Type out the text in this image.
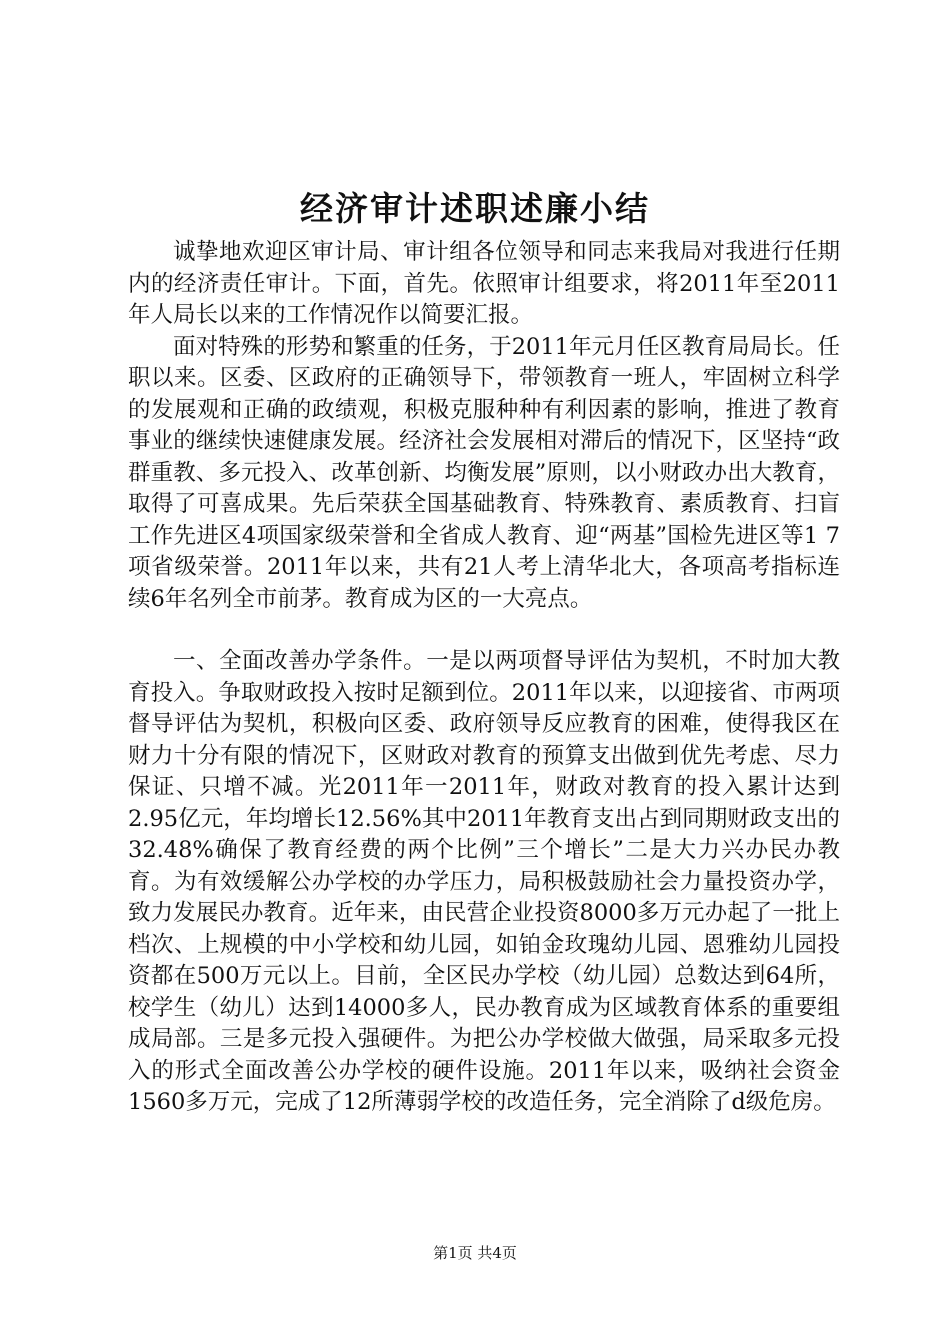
经济审计述职述廉小结

诚挚地欢迎区审计局、审计组各位领导和同志来我局对我进行任期内的经济责任审计。下面，首先。依照审计组要求，将2011年至2011年人局长以来的工作情况作以简要汇报。

面对特殊的形势和繁重的任务，于2011年元月任区教育局局长。任职以来。区委、区政府的正确领导下，带领教育一班人，牢固树立科学的发展观和正确的政绩观，积极克服种种有利因素的影响，推进了教育事业的继续快速健康发展。经济社会发展相对滞后的情况下，区坚持“政群重教、多元投入、改革创新、均衡发展”原则，以小财政办出大教育，取得了可喜成果。先后荣获全国基础教育、特殊教育、素质教育、扫盲工作先进区4项国家级荣誉和全省成人教育、迎“两基”国检先进区等1 7项省级荣誉。2011年以来，共有21人考上清华北大，各项高考指标连续6年名列全市前茅。教育成为区的一大亮点。

一、全面改善办学条件。一是以两项督导评估为契机，不时加大教育投入。争取财政投入按时足额到位。2011年以来，以迎接省、市两项督导评估为契机，积极向区委、政府领导反应教育的困难，使得我区在财力十分有限的情况下，区财政对教育的预算支出做到优先考虑、尽力保证、只增不减。光2011年一2011年，财政对教育的投入累计达到2.95亿元，年均增长12.56%其中2011年教育支出占到同期财政支出的32.48%确保了教育经费的两个比例”三个增长”二是大力兴办民办教育。为有效缓解公办学校的办学压力，局积极鼓励社会力量投资办学，致力发展民办教育。近年来，由民营企业投资8000多万元办起了一批上档次、上规模的中小学校和幼儿园，如铂金玫瑰幼儿园、恩雅幼儿园投资都在500万元以上。目前，全区民办学校（幼儿园）总数达到64所，校学生（幼儿）达到14000多人，民办教育成为区域教育体系的重要组成局部。三是多元投入强硬件。为把公办学校做大做强，局采取多元投入的形式全面改善公办学校的硬件设施。2011年以来，吸纳社会资金1560多万元，完成了12所薄弱学校的改造任务，完全消除了d级危房。

第1页 共4页
